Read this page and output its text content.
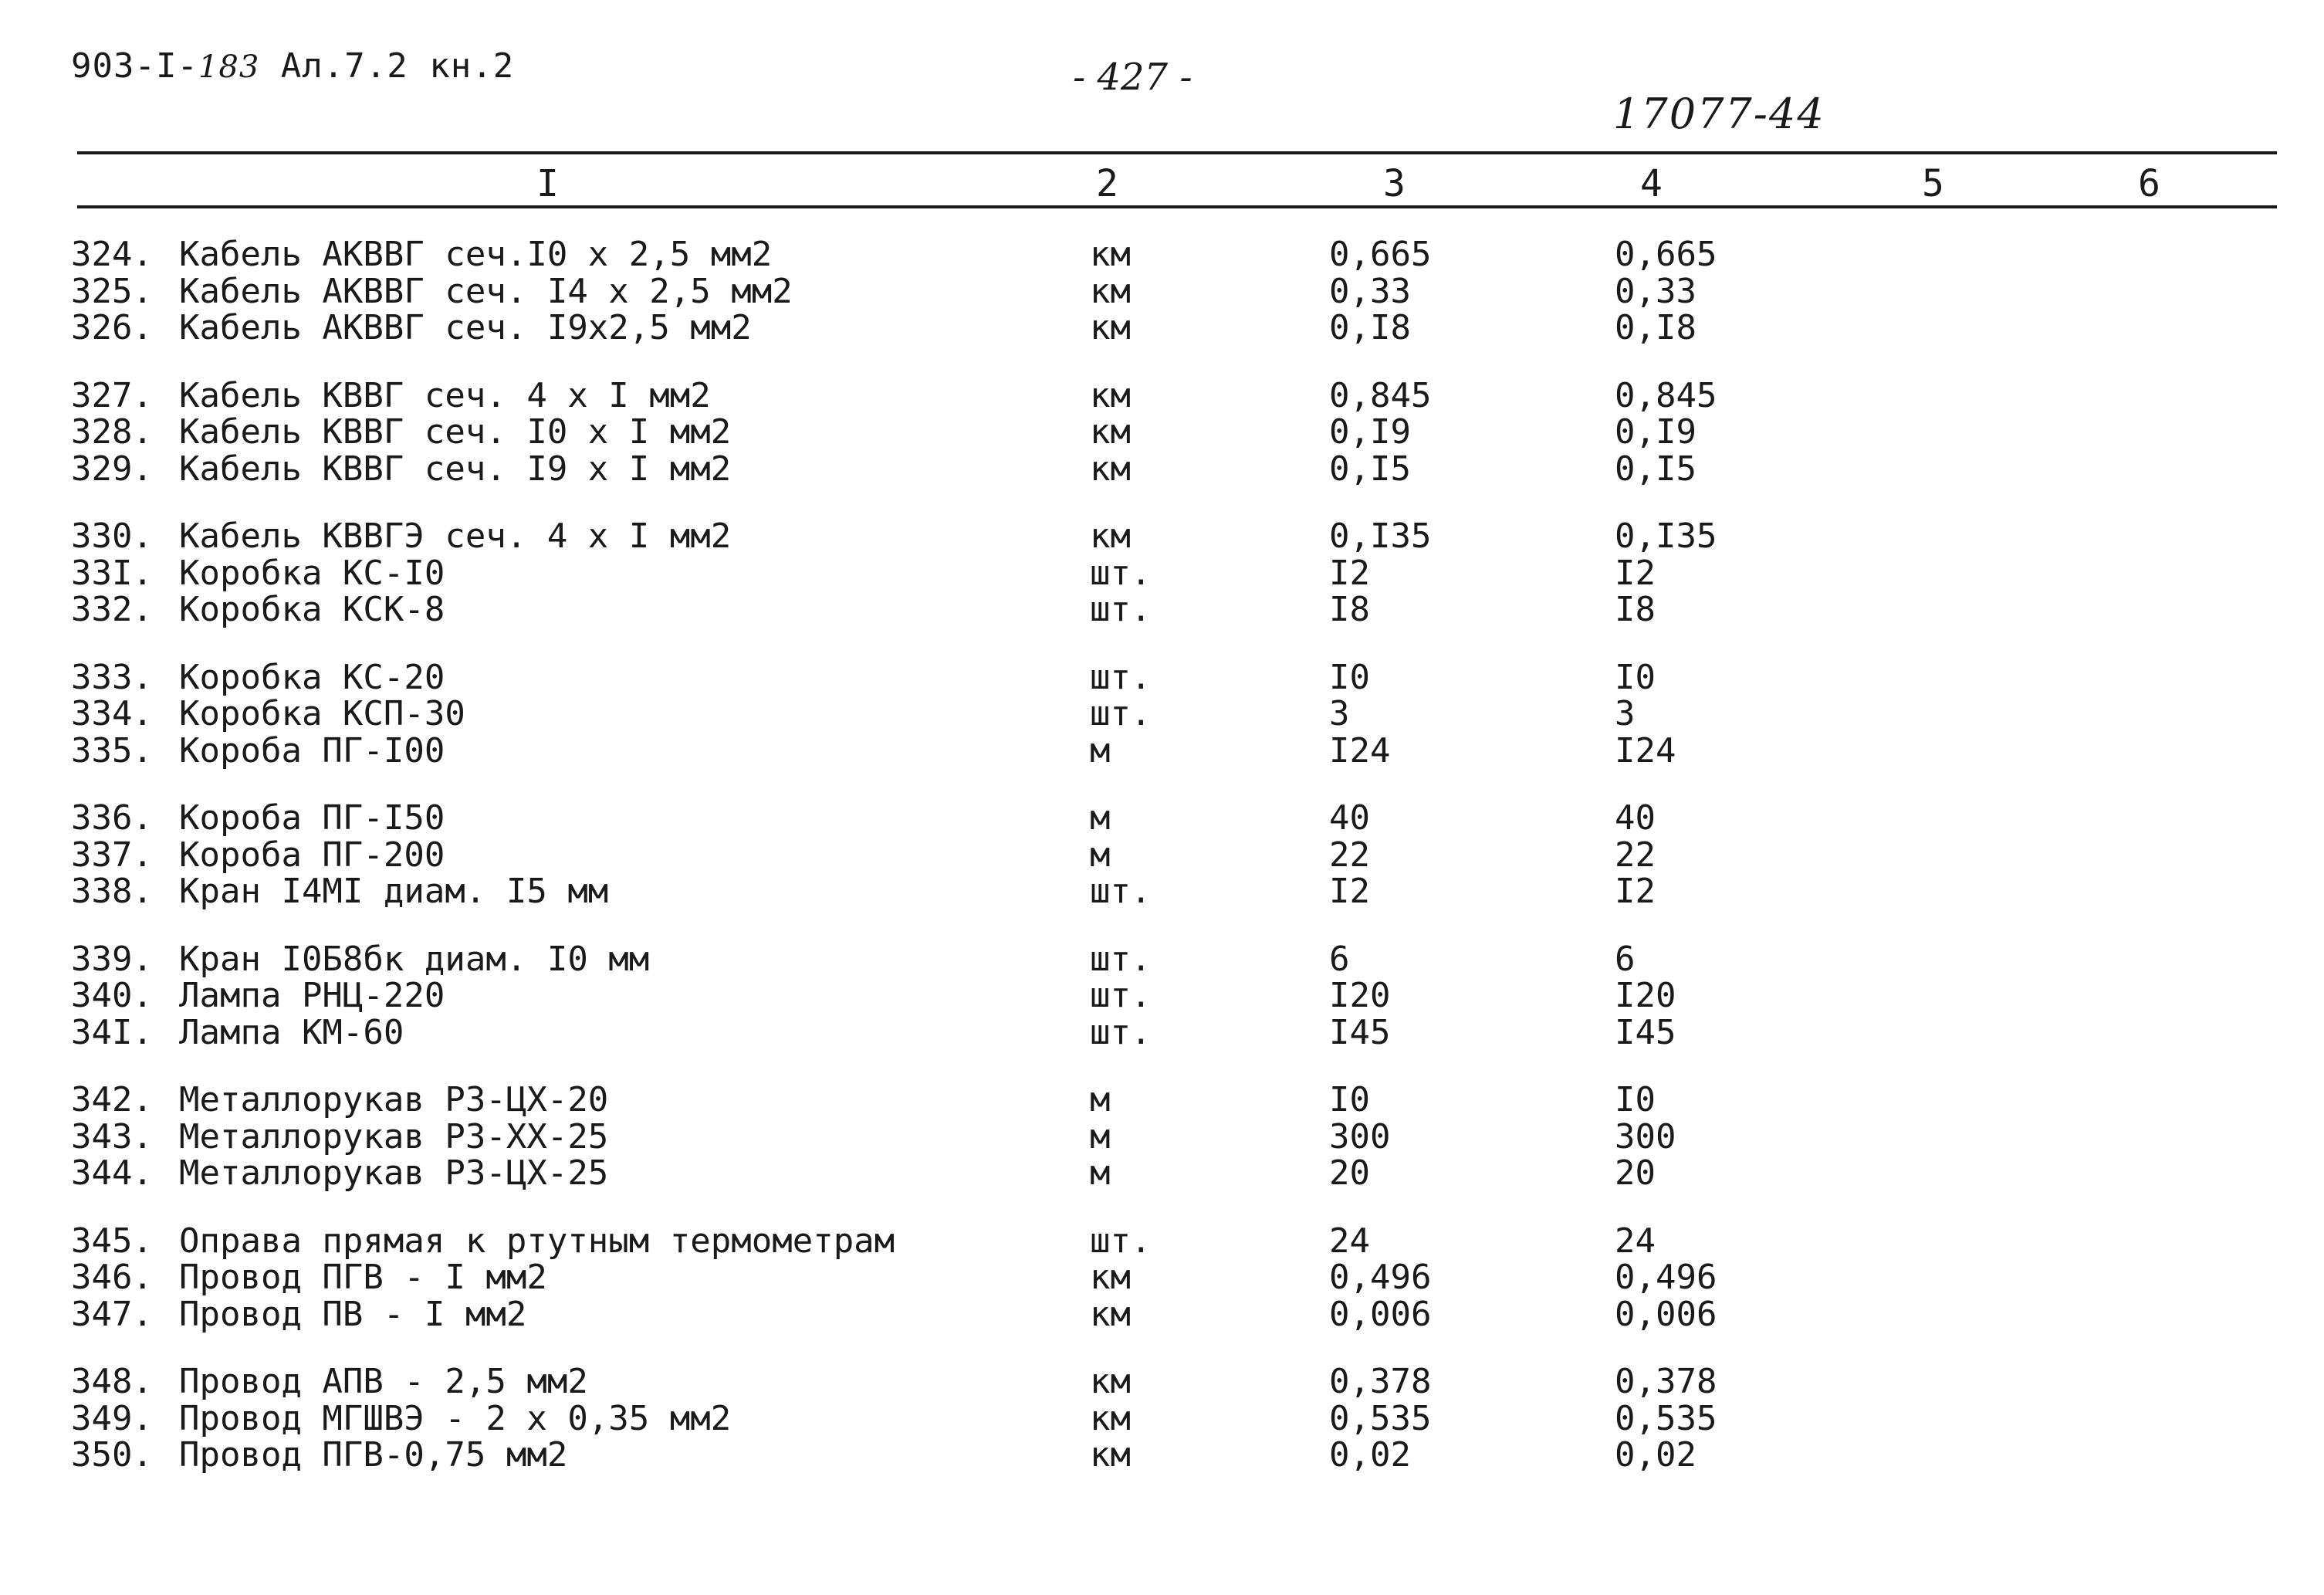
903-I-183 Ал.7.2 кн.2	- 427 -
17077-44
I	2	3	4	5	6
324. Кабель АКВВГ сеч.I0 х 2,5 мм2	км	0,665	0,665
325. Кабель АКВВГ сеч. I4 х 2,5 мм2	км	0,33	0,33
326. Кабель АКВВГ сеч. I9х2,5 мм2	км	0,I8	0,I8
327. Кабель КВВГ сеч. 4 х I мм2	км	0,845	0,845
328. Кабель КВВГ сеч. I0 х I мм2	км	0,I9	0,I9
329. Кабель КВВГ сеч. I9 х I мм2	км	0,I5	0,I5
330. Кабель КВВГЭ сеч. 4 х I мм2	км	0,I35	0,I35
33I. Коробка КС-I0	шт.	I2	I2
332. Коробка КСК-8	шт.	I8	I8
333. Коробка КС-20	шт.	I0	I0
334. Коробка КСП-30	шт.	3	3
335. Короба ПГ-I00	м	I24	I24
336. Короба ПГ-I50	м	40	40
337. Короба ПГ-200	м	22	22
338. Кран I4МI диам. I5 мм	шт.	I2	I2
339. Кран I0Б8бк диам. I0 мм	шт.	6	6
340. Лампа РНЦ-220	шт.	I20	I20
34I. Лампа КМ-60	шт.	I45	I45
342. Металлорукав РЗ-ЦХ-20	м	I0	I0
343. Металлорукав РЗ-ХХ-25	м	300	300
344. Металлорукав РЗ-ЦХ-25	м	20	20
345. Оправа прямая к ртутным термометрам	шт.	24	24
346. Провод ПГВ - I мм2	км	0,496	0,496
347. Провод ПВ - I мм2	км	0,006	0,006
348. Провод АПВ - 2,5 мм2	км	0,378	0,378
349. Провод МГШВЭ - 2 х 0,35 мм2	км	0,535	0,535
350. Провод ПГВ-0,75 мм2	км	0,02	0,02
